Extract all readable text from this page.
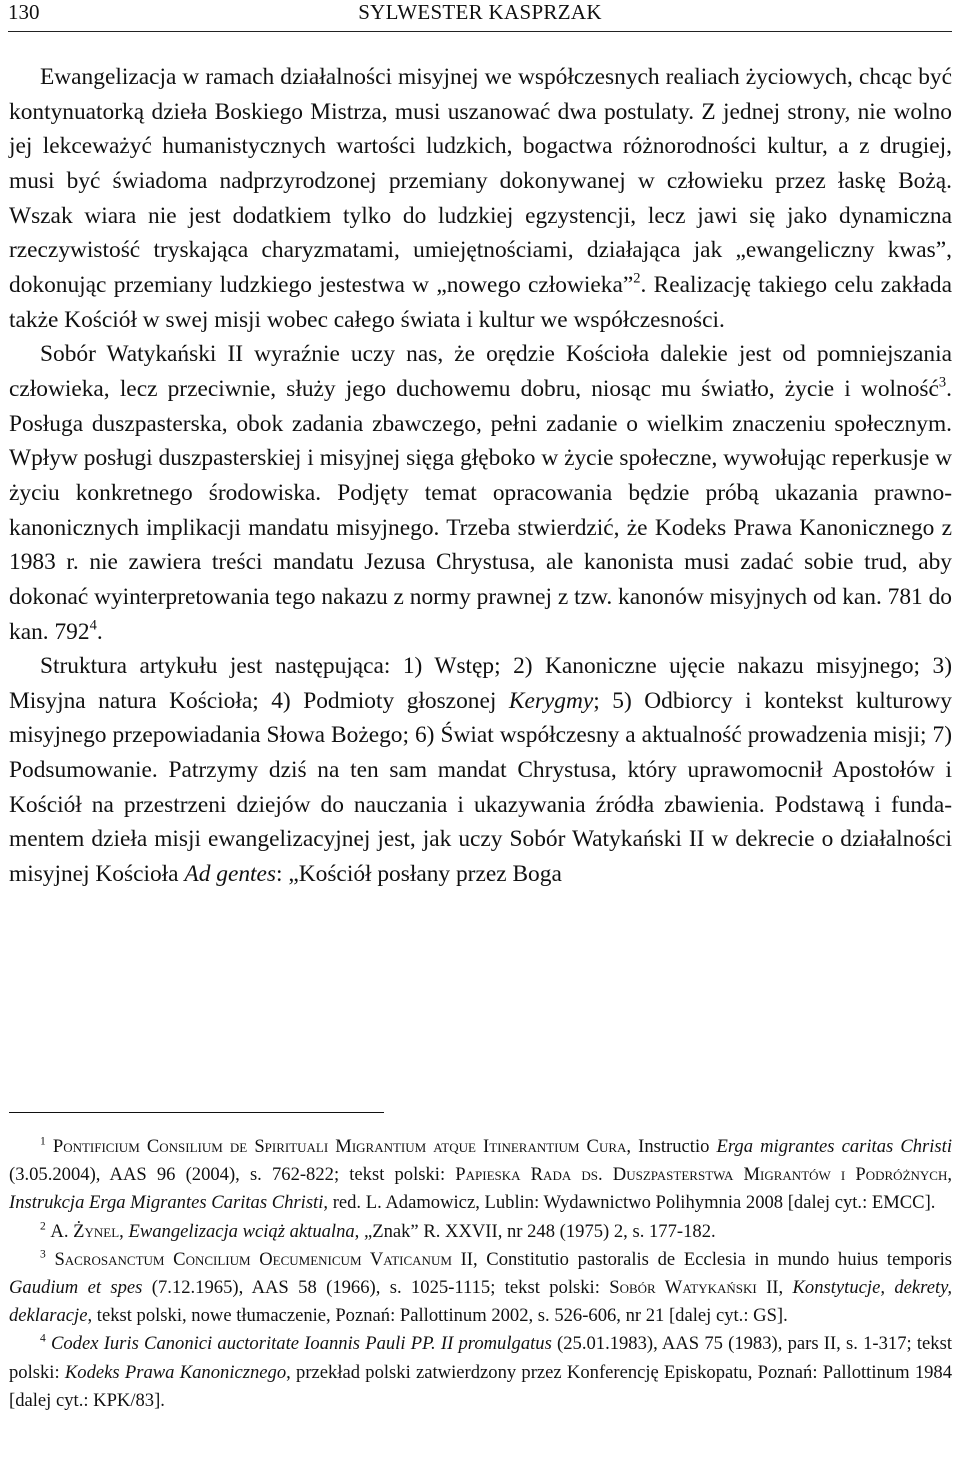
130	SYLWESTER KASPRZAK

Ewangelizacja w ramach działalności misyjnej we współczesnych realiach życiowych, chcąc być kontynuatorką dzieła Boskiego Mistrza, musi uszanować dwa postulaty. Z jednej strony, nie wolno jej lekceważyć humanistycznych wartości ludzkich, bogactwa różnorodności kultur, a z drugiej, musi być świadoma nadprzyrodzonej przemiany dokonywanej w człowieku przez łaskę Bożą. Wszak wiara nie jest dodatkiem tylko do ludzkiej egzystencji, lecz jawi się jako dynamiczna rzeczywistość tryskająca charyzmatami, umiejętnościami, działająca jak „ewangeliczny kwas”, dokonując przemiany ludzkiego jestestwa w „nowego człowieka”$^2$. Realizację takiego celu zakłada także Kościół w swej misji wobec całego świata i kultur we współczesności.

Sobór Watykański II wyraźnie uczy nas, że orędzie Kościoła dalekie jest od pomniejszania człowieka, lecz przeciwnie, służy jego duchowemu dobru, niosąc mu światło, życie i wolność$^3$. Posługa duszpasterska, obok zadania zbawczego, pełni zadanie o wielkim znaczeniu społecznym. Wpływ posługi duszpasterskiej i misyjnej sięga głęboko w życie społeczne, wywołując reperkusje w życiu konkretnego środowiska. Podjęty temat opracowania będzie próbą ukazania prawnokanonicznych implikacji mandatu misyjnego. Trzeba stwierdzić, że Kodeks Prawa Kanonicznego z 1983 r. nie zawiera treści mandatu Jezusa Chrystusa, ale kanonista musi zadać sobie trud, aby dokonać wyinterpretowania tego nakazu z normy prawnej z tzw. kanonów misyjnych od kan. 781 do kan. $792^4$.

Struktura artykułu jest następująca: 1) Wstęp; 2) Kanoniczne ujęcie nakazu misyjnego; 3) Misyjna natura Kościoła; 4) Podmioty głoszonej Kerygmy; 5) Odbiorcy i kontekst kulturowy misyjnego przepowiadania Słowa Bożego; 6) Świat współczesny a aktualność prowadzenia misji; 7) Podsumowanie. Patrzymy dziś na ten sam mandat Chrystusa, który uprawomocnił Apostołów i Kościół na przestrzeni dziejów do nauczania i ukazywania źródła zbawienia. Podstawą i fundamentem dzieła misji ewangelizacyjnej jest, jak uczy Sobór Watykański II w dekrecie o działalności misyjnej Kościoła Ad gentes: „Kościół posłany przez Boga

$^1$ Pontificium Consilium de Spirituali Migrantium atque Itinerantium Cura, Instructio Erga migrantes caritas Christi (3.05.2004), AAS 96 (2004), s. 762-822; tekst polski: Papieska Rada ds. Duszpasterstwa Migrantów i Podróżnych, Instrukcja Erga Migrantes Caritas Christi, red. L. Adamowicz, Lublin: Wydawnictwo Polihymnia 2008 [dalej cyt.: EMCC].

$^2$ A. Żynel, Ewangelizacja wciąż aktualna, „Znak” R. XXVII, nr 248 (1975) 2, s. 177-182.

$^3$ Sacrosanctum Concilium Oecumenicum Vaticanum II, Constitutio pastoralis de Ecclesia in mundo huius temporis Gaudium et spes (7.12.1965), AAS 58 (1966), s. 1025-1115; tekst polski: Sobór Watykański II, Konstytucje, dekrety, deklaracje, tekst polski, nowe tłumaczenie, Poznań: Pallottinum 2002, s. 526-606, nr 21 [dalej cyt.: GS].

$^4$ Codex Iuris Canonici auctoritate Ioannis Pauli PP. II promulgatus (25.01.1983), AAS 75 (1983), pars II, s. 1-317; tekst polski: Kodeks Prawa Kanonicznego, przekład polski zatwierdzony przez Konferencję Episkopatu, Poznań: Pallottinum 1984 [dalej cyt.: KPK/83].
